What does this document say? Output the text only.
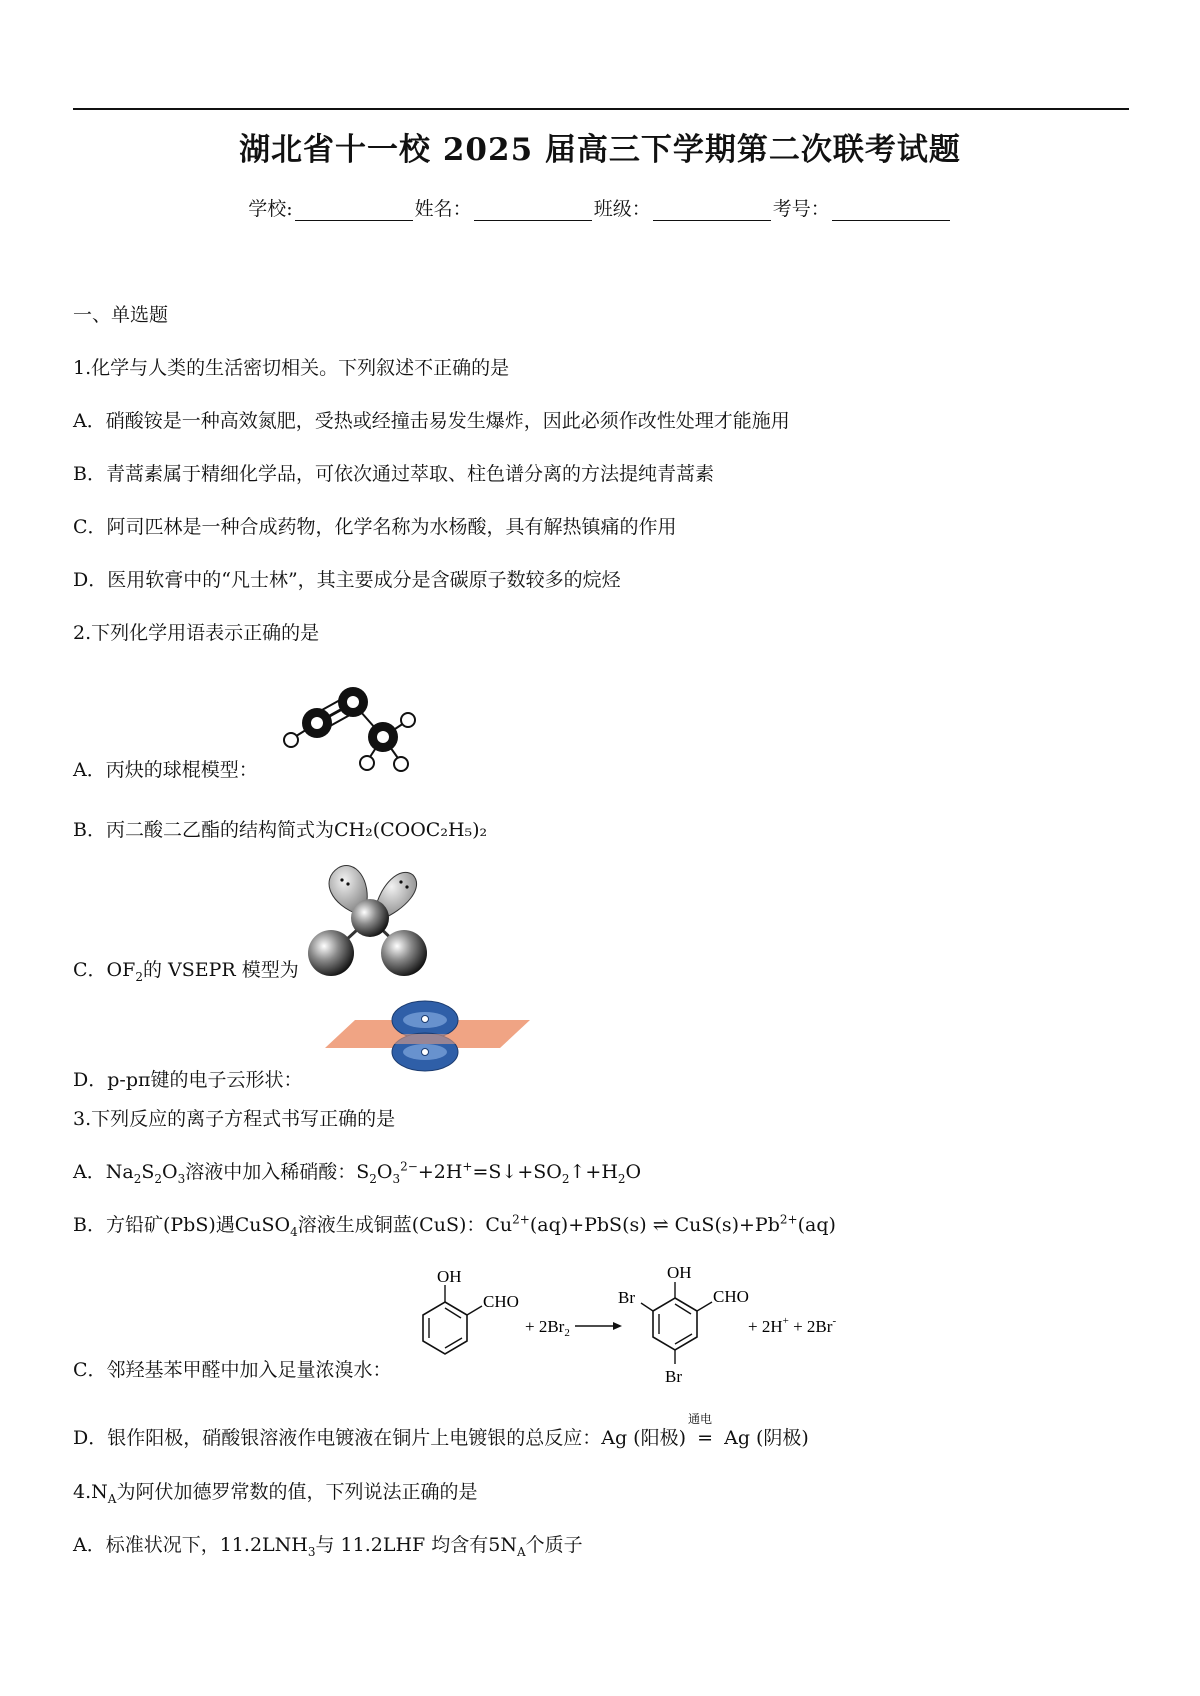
湖北省十一校 2025 届高三下学期第二次联考试题
学校:	姓名：	班级：	考号：
一、单选题
1.化学与人类的生活密切相关。下列叙述不正确的是
A．硝酸铵是一种高效氮肥，受热或经撞击易发生爆炸，因此必须作改性处理才能施用
B．青蒿素属于精细化学品，可依次通过萃取、柱色谱分离的方法提纯青蒿素
C．阿司匹林是一种合成药物，化学名称为水杨酸，具有解热镇痛的作用
D．医用软膏中的“凡士林”，其主要成分是含碳原子数较多的烷烃
2.下列化学用语表示正确的是
A．丙炔的球棍模型：
B．丙二酸二乙酯的结构简式为CH₂(COOC₂H₅)₂
C．$OF_2$的 VSEPR 模型为
D．p-pπ键的电子云形状：
3.下列反应的离子方程式书写正确的是
A．$Na_2S_2O_3$溶液中加入稀硝酸：$S_2O_3^{2-}+2H^+=S↓+SO_2↑+H_2O$
B．方铅矿(PbS)遇CuSO$_4$溶液生成铜蓝(CuS)：$Cu^{2+}(aq)+PbS(s)$ ⇌ $CuS(s)+Pb^{2+}(aq)$
C．邻羟基苯甲醛中加入足量浓溴水：
OH
CHO
+ $2Br_2$
OH
CHO
Br
Br
+ 2H+ + 2Br-
D．银作阳极，硝酸银溶液作电镀液在铜片上电镀银的总反应：Ag (阳极)
通电
= Ag (阴极)
$4.N_A$为阿伏加德罗常数的值，下列说法正确的是
A．标准状况下，$11.2LNH_3$与 11.2LHF 均含有$5N_A$个质子
